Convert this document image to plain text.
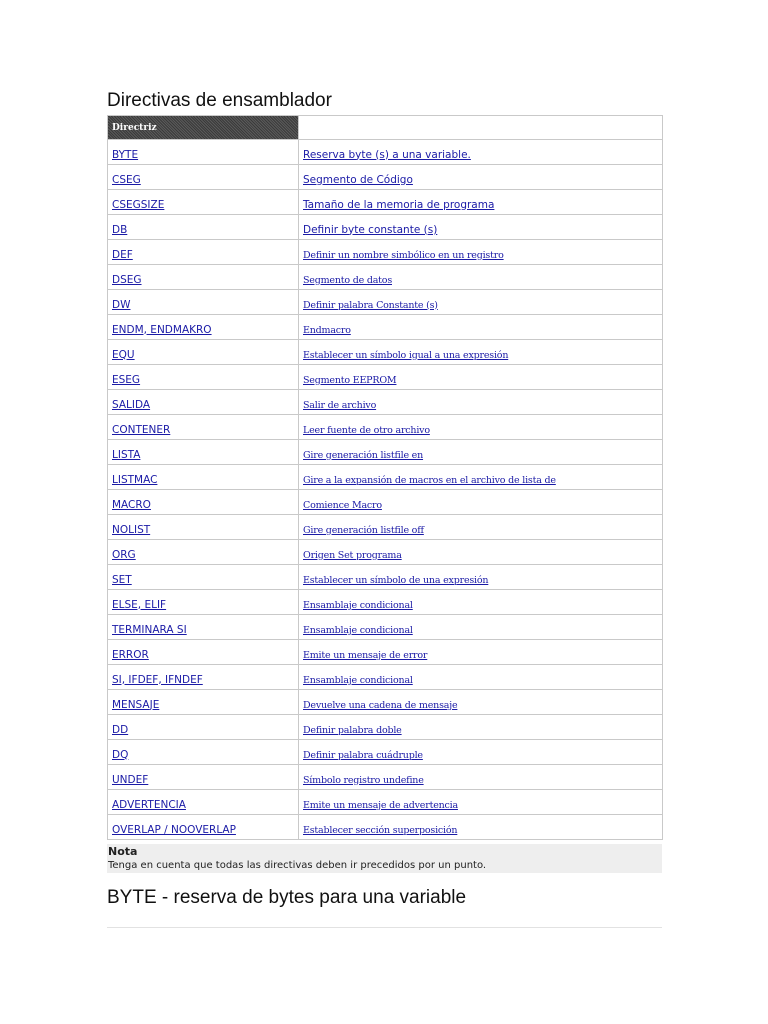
Directivas de ensamblador
Directriz	
BYTE	Reserva byte (s) a una variable.
CSEG	Segmento de Código
CSEGSIZE	Tamaño de la memoria de programa
DB	Definir byte constante (s)
DEF	Definir un nombre simbólico en un registro
DSEG	Segmento de datos
DW	Definir palabra Constante (s)
ENDM, ENDMAKRO	Endmacro
EQU	Establecer un símbolo igual a una expresión
ESEG	Segmento EEPROM
SALIDA	Salir de archivo
CONTENER	Leer fuente de otro archivo
LISTA	Gire generación listfile en
LISTMAC	Gire a la expansión de macros en el archivo de lista de
MACRO	Comience Macro
NOLIST	Gire generación listfile off
ORG	Origen Set programa
SET	Establecer un símbolo de una expresión
ELSE, ELIF	Ensamblaje condicional
TERMINARA SI	Ensamblaje condicional
ERROR	Emite un mensaje de error
SI, IFDEF, IFNDEF	Ensamblaje condicional
MENSAJE	Devuelve una cadena de mensaje
DD	Definir palabra doble
DQ	Definir palabra cuádruple
UNDEF	Símbolo registro undefine
ADVERTENCIA	Emite un mensaje de advertencia
OVERLAP / NOOVERLAP	Establecer sección superposición
Nota
Tenga en cuenta que todas las directivas deben ir precedidos por un punto.
BYTE - reserva de bytes para una variable
